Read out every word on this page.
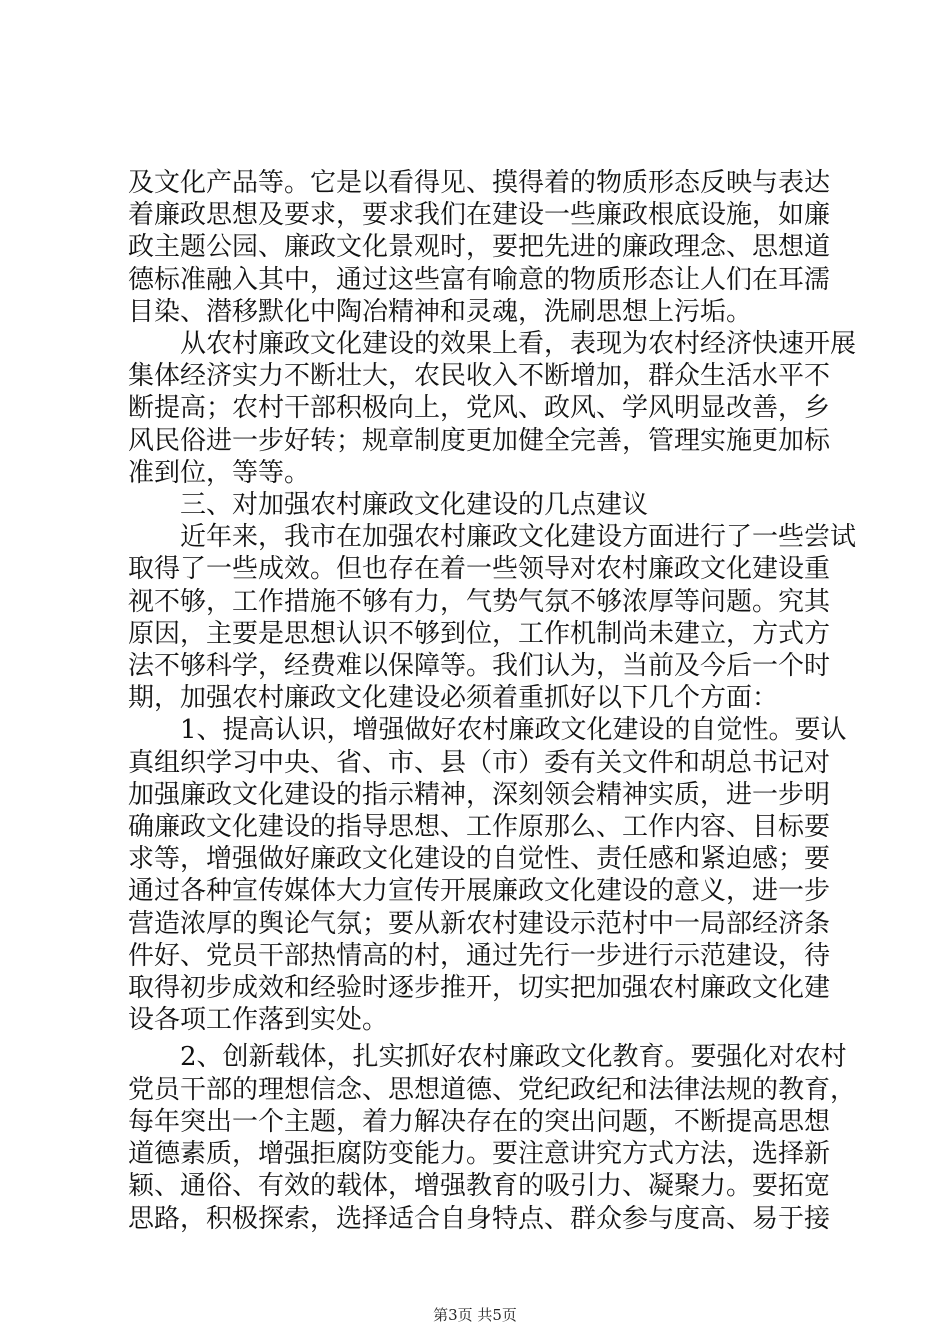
及文化产品等。它是以看得见、摸得着的物质形态反映与表达
着廉政思想及要求，要求我们在建设一些廉政根底设施，如廉
政主题公园、廉政文化景观时，要把先进的廉政理念、思想道
德标准融入其中，通过这些富有喻意的物质形态让人们在耳濡
目染、潜移默化中陶冶精神和灵魂，洗刷思想上污垢。
从农村廉政文化建设的效果上看，表现为农村经济快速开展
集体经济实力不断壮大，农民收入不断增加，群众生活水平不
断提高；农村干部积极向上，党风、政风、学风明显改善，乡
风民俗进一步好转；规章制度更加健全完善，管理实施更加标
准到位，等等。
三、对加强农村廉政文化建设的几点建议
近年来，我市在加强农村廉政文化建设方面进行了一些尝试
取得了一些成效。但也存在着一些领导对农村廉政文化建设重
视不够，工作措施不够有力，气势气氛不够浓厚等问题。究其
原因，主要是思想认识不够到位，工作机制尚未建立，方式方
法不够科学，经费难以保障等。我们认为，当前及今后一个时
期，加强农村廉政文化建设必须着重抓好以下几个方面：
1、提高认识，增强做好农村廉政文化建设的自觉性。要认
真组织学习中央、省、市、县（市）委有关文件和胡总书记对
加强廉政文化建设的指示精神，深刻领会精神实质，进一步明
确廉政文化建设的指导思想、工作原那么、工作内容、目标要
求等，增强做好廉政文化建设的自觉性、责任感和紧迫感；要
通过各种宣传媒体大力宣传开展廉政文化建设的意义，进一步
营造浓厚的舆论气氛；要从新农村建设示范村中一局部经济条
件好、党员干部热情高的村，通过先行一步进行示范建设，待
取得初步成效和经验时逐步推开，切实把加强农村廉政文化建
设各项工作落到实处。
2、创新载体，扎实抓好农村廉政文化教育。要强化对农村
党员干部的理想信念、思想道德、党纪政纪和法律法规的教育，
每年突出一个主题，着力解决存在的突出问题，不断提高思想
道德素质，增强拒腐防变能力。要注意讲究方式方法，选择新
颖、通俗、有效的载体，增强教育的吸引力、凝聚力。要拓宽
思路，积极探索，选择适合自身特点、群众参与度高、易于接
第3页 共5页
